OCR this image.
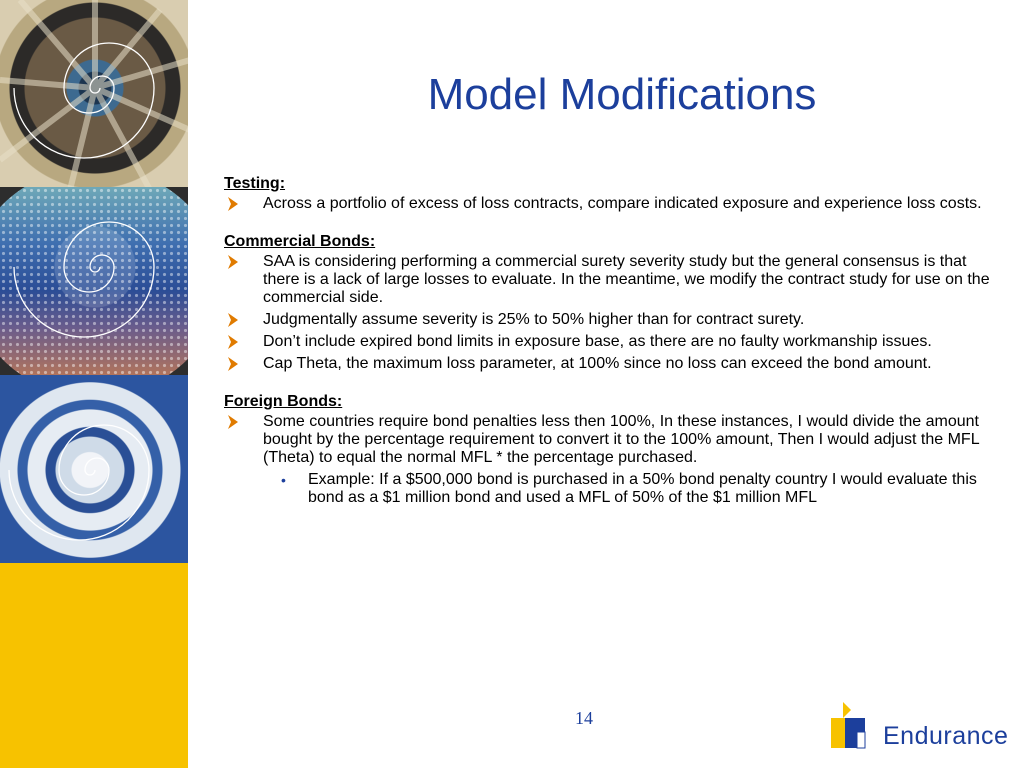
Model Modifications
Testing:
Across a portfolio of excess of loss contracts, compare indicated exposure and experience loss costs.
Commercial Bonds:
SAA is considering performing a commercial surety severity study but the general consensus is that there is a lack of large losses to evaluate. In the meantime, we modify the contract study for use on the commercial side.
Judgmentally assume severity is 25% to 50% higher than for contract surety.
Don’t include expired bond limits in exposure base, as there are no faulty workmanship issues.
Cap Theta, the maximum loss parameter, at 100% since no loss can exceed the bond amount.
Foreign Bonds:
Some countries require bond penalties less then 100%, In these instances, I would divide the amount bought by the percentage requirement to convert it to the 100% amount, Then I would adjust the MFL (Theta) to equal the normal MFL * the percentage purchased.
• Example: If a $500,000 bond is purchased in a 50% bond penalty country I would evaluate this bond as a $1 million bond and used a MFL of 50% of the $1 million MFL
14
Endurance
